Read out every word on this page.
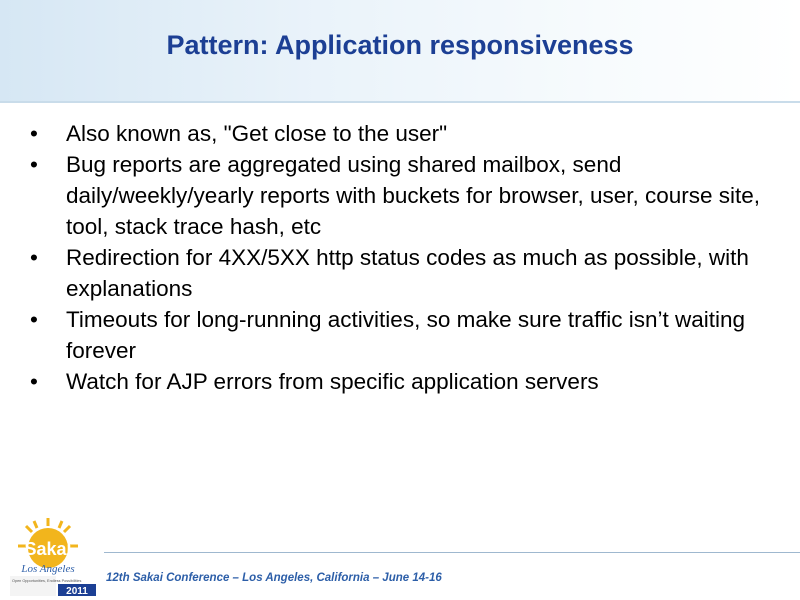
Pattern: Application responsiveness
• Also known as, "Get close to the user"
• Bug reports are aggregated using shared mailbox, send daily/weekly/yearly reports with buckets for browser, user, course site, tool, stack trace hash, etc
• Redirection for 4XX/5XX http status codes as much as possible, with explanations
• Timeouts for long-running activities, so make sure traffic isn’t waiting forever
• Watch for AJP errors from specific application servers
Sakai
Los Angeles
Open Opportunities, Endless Possibilities
2011
12th Sakai Conference – Los Angeles, California – June 14-16
